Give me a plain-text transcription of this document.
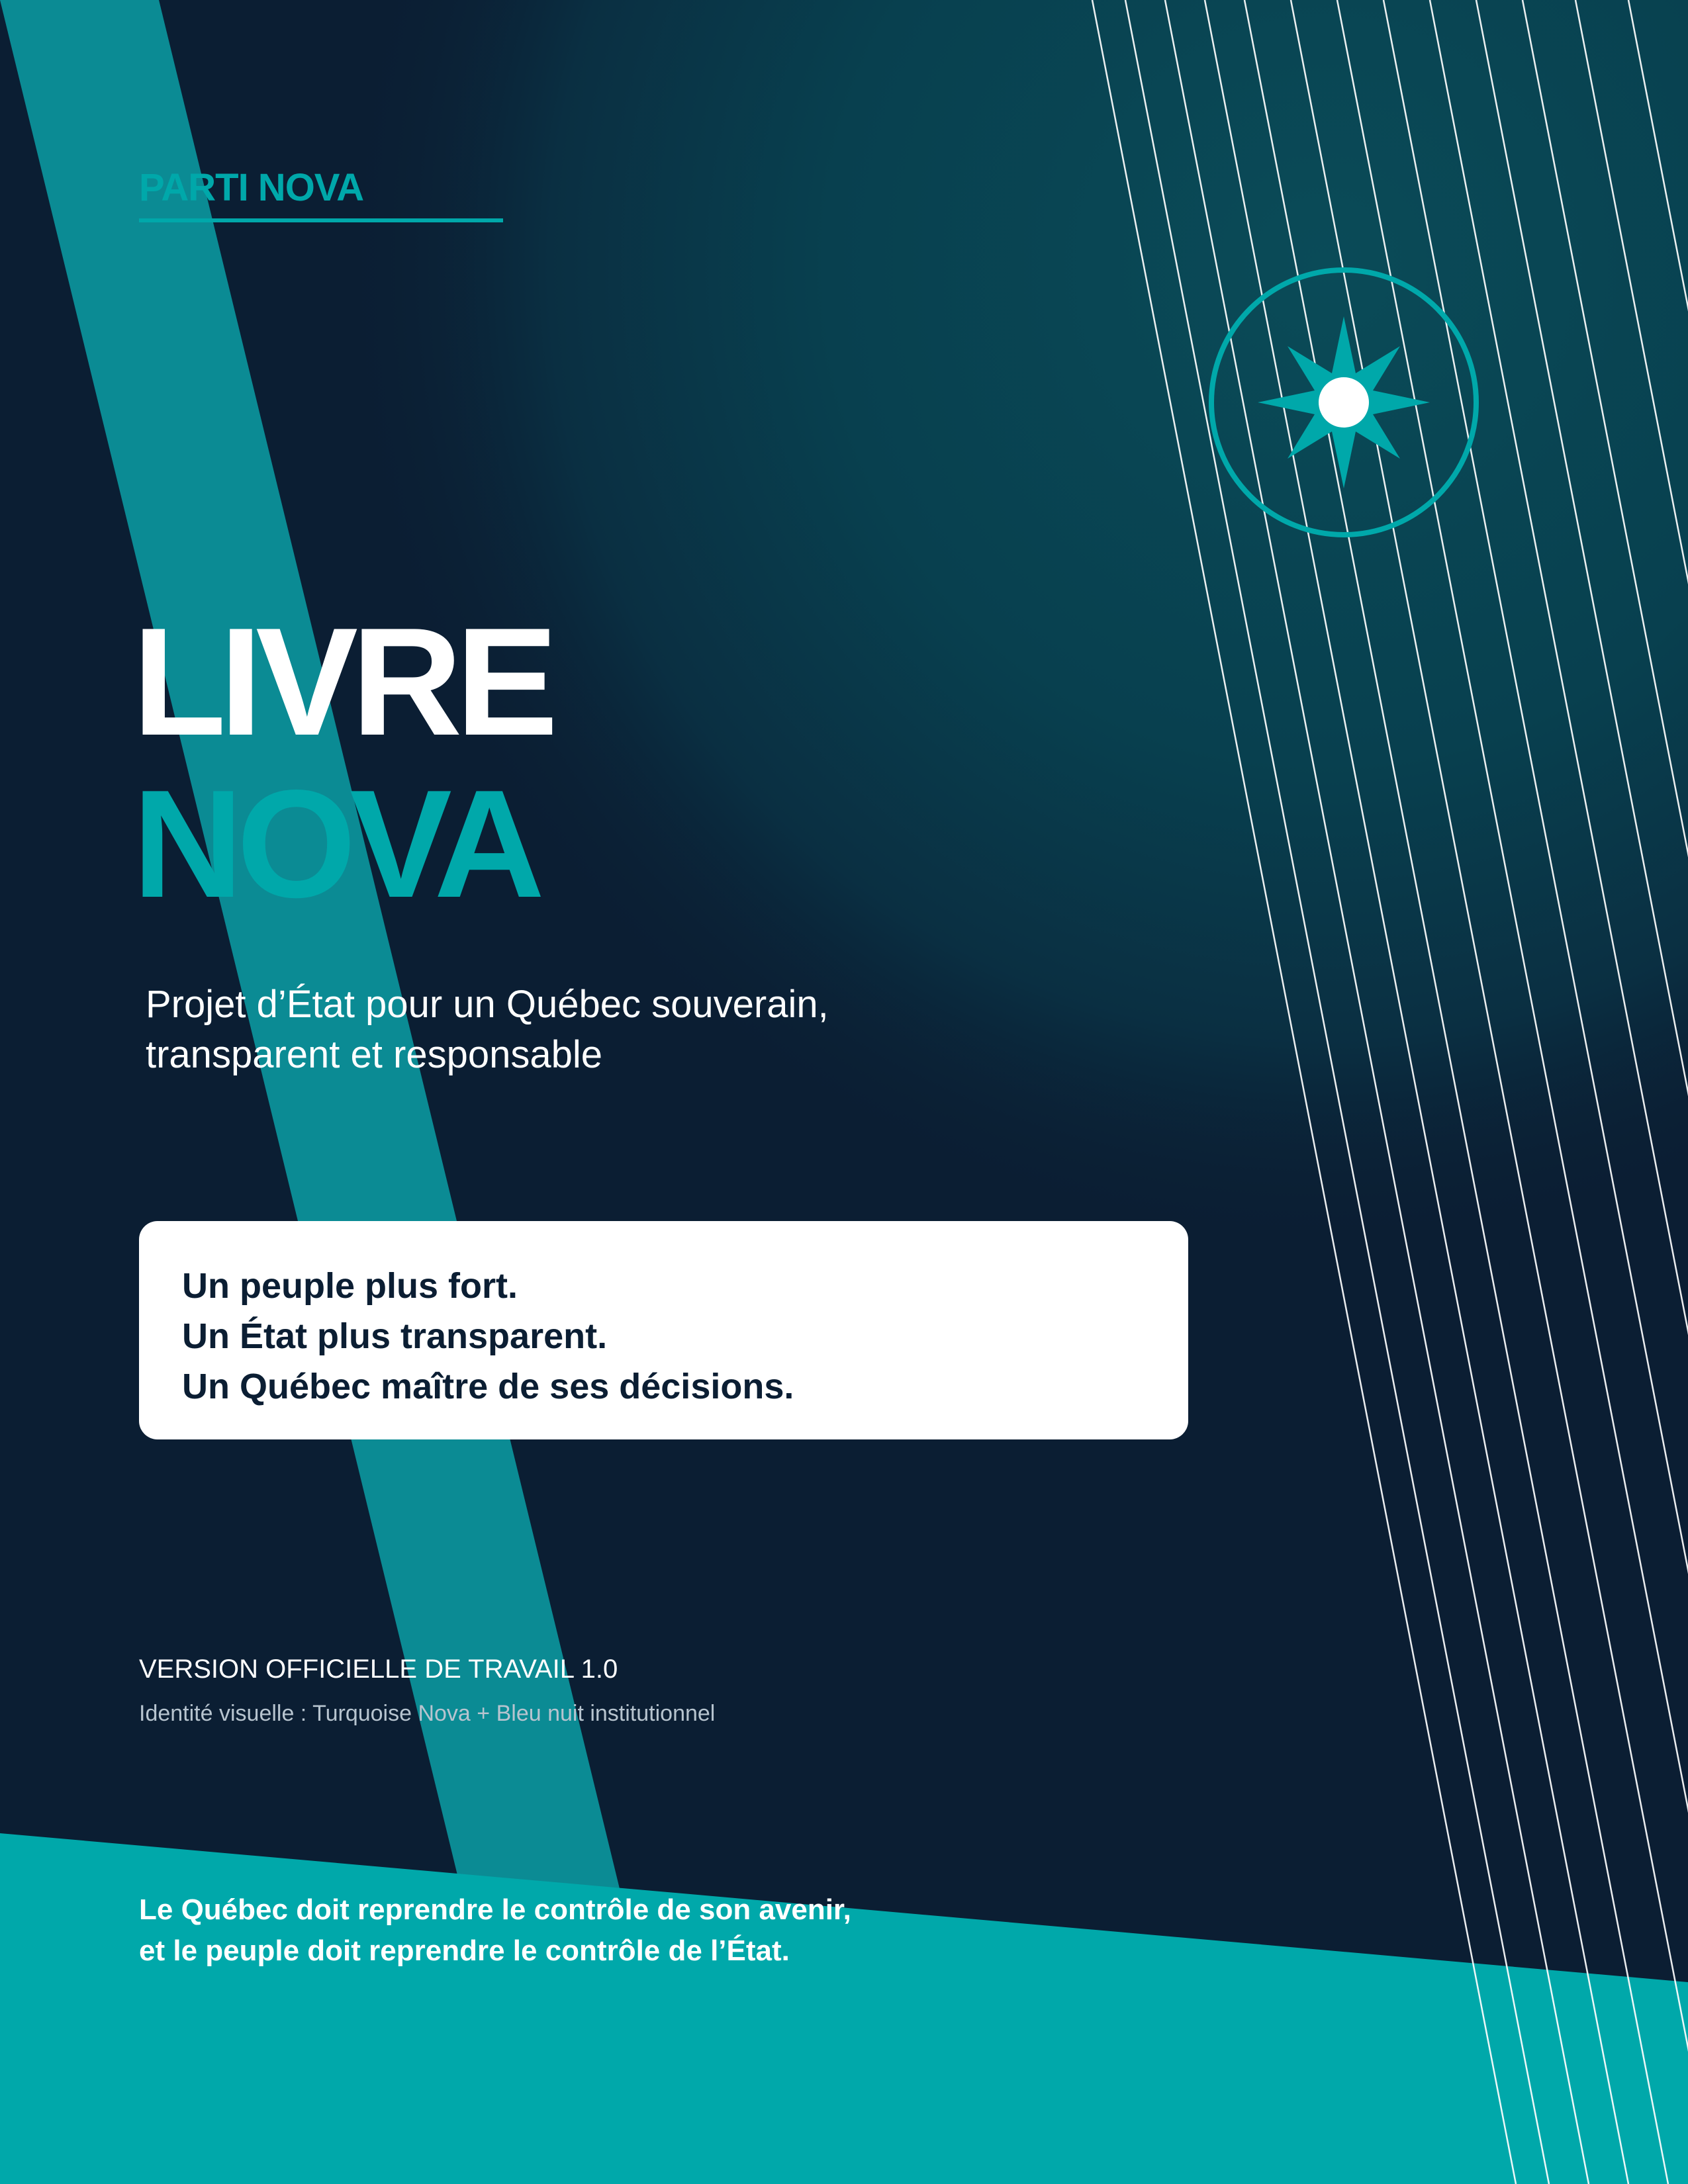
PARTI NOVA
LIVRE
NOVA
Projet d’État pour un Québec souverain,
transparent et responsable
Un peuple plus fort.
Un État plus transparent.
Un Québec maître de ses décisions.
VERSION OFFICIELLE DE TRAVAIL 1.0
Identité visuelle : Turquoise Nova + Bleu nuit institutionnel
Le Québec doit reprendre le contrôle de son avenir,
et le peuple doit reprendre le contrôle de l’État.
